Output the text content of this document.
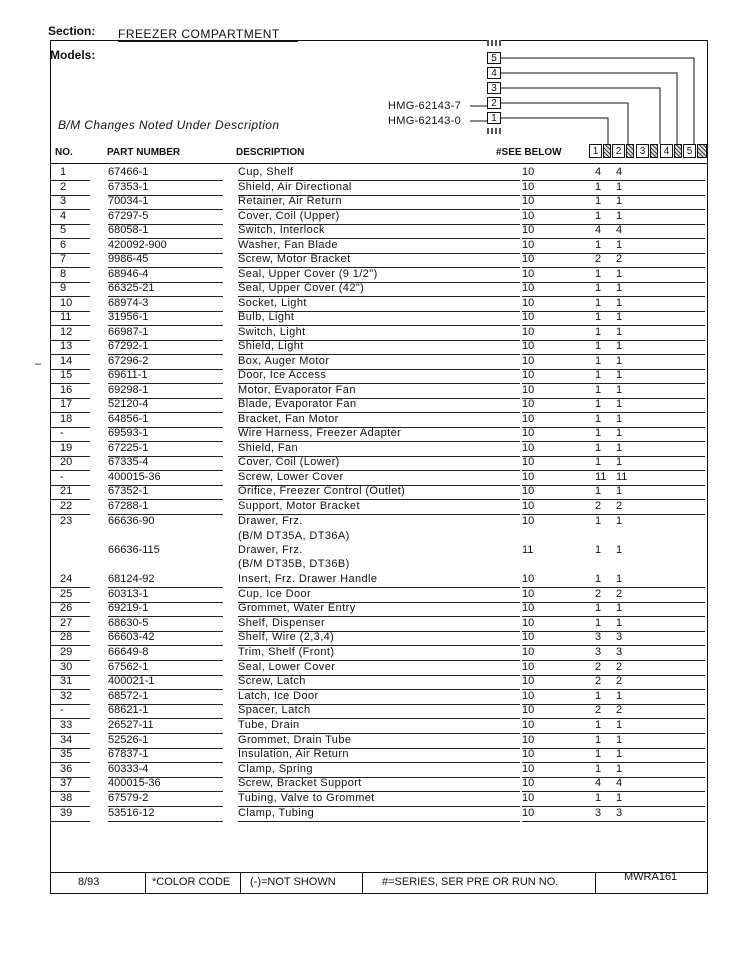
Section: FREEZER COMPARTMENT
Models:
B/M Changes Noted Under Description
HMG-62143-7
HMG-62143-0
5
4
3
2
1
NO.	PART NUMBER	DESCRIPTION	#SEE BELOW	1	2	3	4	5
1	67466-1	Cup, Shelf	10	4 4
2	67353-1	Shield, Air Directional	10	1 1
3	70034-1	Retainer, Air Return	10	1 1
4	67297-5	Cover, Coil (Upper)	10	1 1
5	68058-1	Switch, Interlock	10	4 4
6	420092-900	Washer, Fan Blade	10	1 1
7	9986-45	Screw, Motor Bracket	10	2 2
8	68946-4	Seal, Upper Cover (9 1/2")	10	1 1
9	66325-21	Seal, Upper Cover (42")	10	1 1
10	68974-3	Socket, Light	10	1 1
11	31956-1	Bulb, Light	10	1 1
12	66987-1	Switch, Light	10	1 1
13	67292-1	Shield, Light	10	1 1
14	67296-2	Box, Auger Motor	10	1 1
15	69611-1	Door, Ice Access	10	1 1
16	69298-1	Motor, Evaporator Fan	10	1 1
17	52120-4	Blade, Evaporator Fan	10	1 1
18	64856-1	Bracket, Fan Motor	10	1 1
-	69593-1	Wire Harness, Freezer Adapter	10	1 1
19	67225-1	Shield, Fan	10	1 1
20	67335-4	Cover, Coil (Lower)	10	1 1
-	400015-36	Screw, Lower Cover	10	11 11
21	67352-1	Orifice, Freezer Control (Outlet)	10	1 1
22	67288-1	Support, Motor Bracket	10	2 2
23	66636-90	Drawer, Frz.	10	1 1
(B/M DT35A, DT36A)
66636-115	Drawer, Frz.	11	1 1
(B/M DT35B, DT36B)
24	68124-92	Insert, Frz. Drawer Handle	10	1 1
25	60313-1	Cup, Ice Door	10	2 2
26	69219-1	Grommet, Water Entry	10	1 1
27	68630-5	Shelf, Dispenser	10	1 1
28	66603-42	Shelf, Wire (2,3,4)	10	3 3
29	66649-8	Trim, Shelf (Front)	10	3 3
30	67562-1	Seal, Lower Cover	10	2 2
31	400021-1	Screw, Latch	10	2 2
32	68572-1	Latch, Ice Door	10	1 1
-	68621-1	Spacer, Latch	10	2 2
33	26527-11	Tube, Drain	10	1 1
34	52526-1	Grommet, Drain Tube	10	1 1
35	67837-1	Insulation, Air Return	10	1 1
36	60333-4	Clamp, Spring	10	1 1
37	400015-36	Screw, Bracket Support	10	4 4
38	67579-2	Tubing, Valve to Grommet	10	1 1
39	53516-12	Clamp, Tubing	10	3 3
8/93	*COLOR CODE (-)=NOT SHOWN	#=SERIES, SER PRE OR RUN NO.	MWRA161
–
